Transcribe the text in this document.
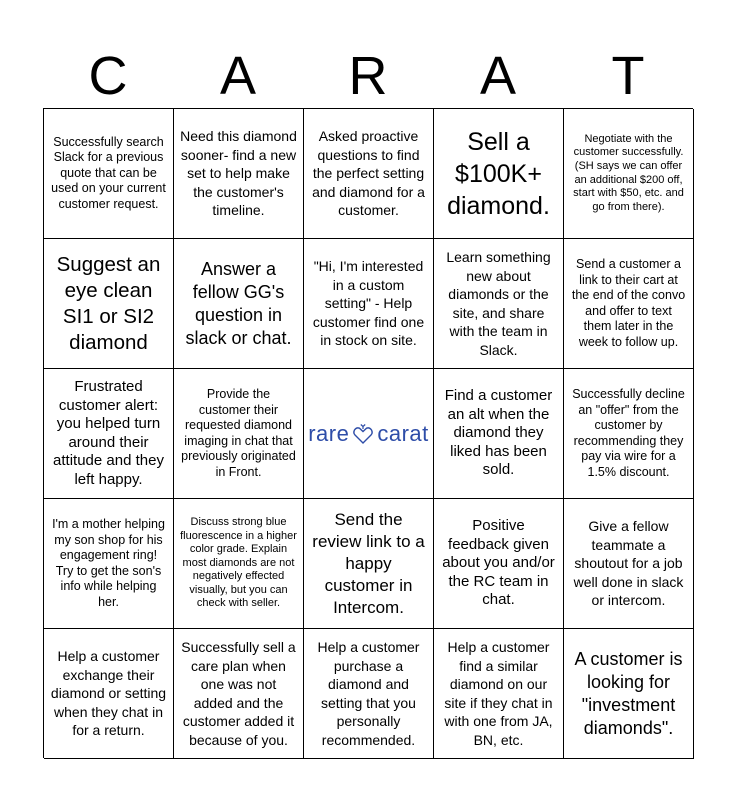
C	A	R	A	T
Successfully search Slack for a previous quote that can be used on your current customer request.
Need this diamond sooner- find a new set to help make the customer's timeline.
Asked proactive questions to find the perfect setting and diamond for a customer.
Sell a $100K+ diamond.
Negotiate with the customer successfully. (SH says we can offer an additional $200 off, start with $50, etc. and go from there).
Suggest an eye clean SI1 or SI2 diamond
Answer a fellow GG's question in slack or chat.
"Hi, I'm interested in a custom setting" - Help customer find one in stock on site.
Learn something new about diamonds or the site, and share with the team in Slack.
Send a customer a link to their cart at the end of the convo and offer to text them later in the week to follow up.
Frustrated customer alert: you helped turn around their attitude and they left happy.
Provide the customer their requested diamond imaging in chat that previously originated in Front.
rare carat
Find a customer an alt when the diamond they liked has been sold.
Successfully decline an "offer" from the customer by recommending they pay via wire for a 1.5% discount.
I'm a mother helping my son shop for his engagement ring! Try to get the son's info while helping her.
Discuss strong blue fluorescence in a higher color grade. Explain most diamonds are not negatively effected visually, but you can check with seller.
Send the review link to a happy customer in Intercom.
Positive feedback given about you and/or the RC team in chat.
Give a fellow teammate a shoutout for a job well done in slack or intercom.
Help a customer exchange their diamond or setting when they chat in for a return.
Successfully sell a care plan when one was not added and the customer added it because of you.
Help a customer purchase a diamond and setting that you personally recommended.
Help a customer find a similar diamond on our site if they chat in with one from JA, BN, etc.
A customer is looking for "investment diamonds".
